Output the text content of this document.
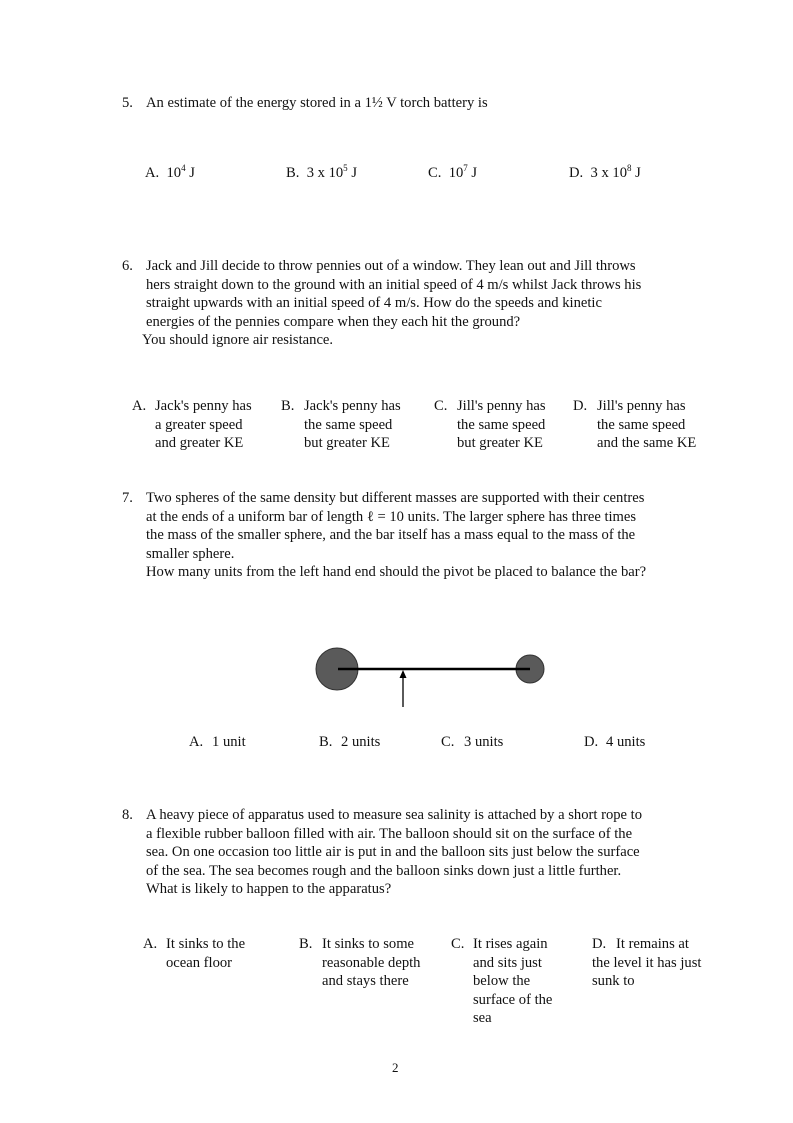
5. An estimate of the energy stored in a 1½ V torch battery is
A. $10^4$ J	B. 3 x $10^5$ J	C. $10^7$ J	D. 3 x $10^8$ J
6. Jack and Jill decide to throw pennies out of a window. They lean out and Jill throws
hers straight down to the ground with an initial speed of 4 m/s whilst Jack throws his
straight upwards with an initial speed of 4 m/s. How do the speeds and kinetic
energies of the pennies compare when they each hit the ground?
You should ignore air resistance.
A. Jack's penny has
a greater speed
and greater KE
B. Jack's penny has
the same speed
but greater KE
C. Jill's penny has
the same speed
but greater KE
D. Jill's penny has
the same speed
and the same KE
7. Two spheres of the same density but different masses are supported with their centres
at the ends of a uniform bar of length ℓ = 10 units. The larger sphere has three times
the mass of the smaller sphere, and the bar itself has a mass equal to the mass of the
smaller sphere.
How many units from the left hand end should the pivot be placed to balance the bar?
A. 1 unit	B. 2 units	C. 3 units	D. 4 units
8. A heavy piece of apparatus used to measure sea salinity is attached by a short rope to
a flexible rubber balloon filled with air. The balloon should sit on the surface of the
sea. On one occasion too little air is put in and the balloon sits just below the surface
of the sea. The sea becomes rough and the balloon sinks down just a little further.
What is likely to happen to the apparatus?
A. It sinks to the
ocean floor
B. It sinks to some
reasonable depth
and stays there
C. It rises again
and sits just
below the
surface of the
sea
D. It remains at
the level it has just
sunk to
2
